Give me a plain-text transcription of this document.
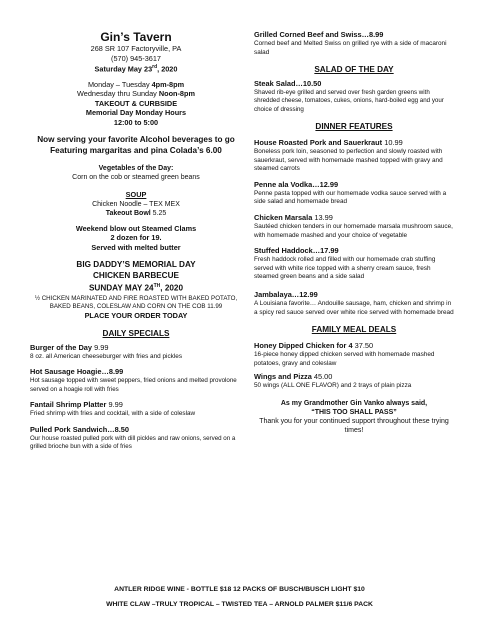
Gin’s Tavern
268 SR 107 Factoryville, PA
(570) 945-3617
Saturday May 23rd, 2020
Monday – Tuesday 4pm-8pm
Wednesday thru Sunday Noon-8pm
TAKEOUT & CURBSIDE
Memorial Day Monday Hours
12:00 to 5:00
Now serving your favorite Alcohol beverages to go
Featuring margaritas and pina Colada’s 6.00
Vegetables of the Day:
Corn on the cob or steamed green beans
SOUP
Chicken Noodle – TEX MEX
Takeout Bowl 5.25
Weekend blow out Steamed Clams
2 dozen for 19.
Served with melted butter
BIG DADDY’S MEMORIAL DAY
CHICKEN BARBECUE
SUNDAY MAY 24TH, 2020
½ CHICKEN MARINATED AND FIRE ROASTED WITH BAKED POTATO, BAKED BEANS, COLESLAW AND CORN ON THE COB 11.99
PLACE YOUR ORDER TODAY
DAILY SPECIALS
Burger of the Day 9.99
8 oz. all American cheeseburger with fries and pickles
Hot Sausage Hoagie…8.99
Hot sausage topped with sweet peppers, fried onions and melted provolone served on a hoagie roll with fries
Fantail Shrimp Platter 9.99
Fried shrimp with fries and cocktail, with a side of coleslaw
Pulled Pork Sandwich…8.50
Our house roasted pulled pork with dill pickles and raw onions, served on a grilled brioche bun with a side of fries
Grilled Corned Beef and Swiss…8.99
Corned beef and Melted Swiss on grilled rye with a side of macaroni salad
SALAD OF THE DAY
Steak Salad…10.50
Shaved rib-eye grilled and served over fresh garden greens with shredded cheese, tomatoes, cukes, onions, hard-boiled egg and your choice of dressing
DINNER FEATURES
House Roasted Pork and Sauerkraut 10.99
Boneless pork loin, seasoned to perfection and slowly roasted with sauerkraut, served with homemade mashed topped with gravy and steamed carrots
Penne ala Vodka…12.99
Penne pasta topped with our homemade vodka sauce served with a side salad and homemade bread
Chicken Marsala 13.99
Sautéed chicken tenders in our homemade marsala mushroom sauce, with homemade mashed and your choice of vegetable
Stuffed Haddock…17.99
Fresh haddock rolled and filled with our homemade crab stuffing served with white rice topped with a sherry cream sauce, fresh steamed green beans and a side salad
Jambalaya…12.99
A Louisiana favorite… Andouille sausage, ham, chicken and shrimp in a spicy red sauce served over white rice served with homemade bread
FAMILY MEAL DEALS
Honey Dipped Chicken for 4 37.50
16-piece honey dipped chicken served with homemade mashed potatoes, gravy and coleslaw
Wings and Pizza 45.00
50 wings (ALL ONE FLAVOR) and 2 trays of plain pizza
As my Grandmother Gin Vanko always said,
“THIS TOO SHALL PASS”
Thank you for your continued support throughout these trying times!
ANTLER RIDGE WINE - BOTTLE $18 12 PACKS OF BUSCH/BUSCH LIGHT $10
WHITE CLAW –TRULY TROPICAL – TWISTED TEA – ARNOLD PALMER $11/6 PACK
